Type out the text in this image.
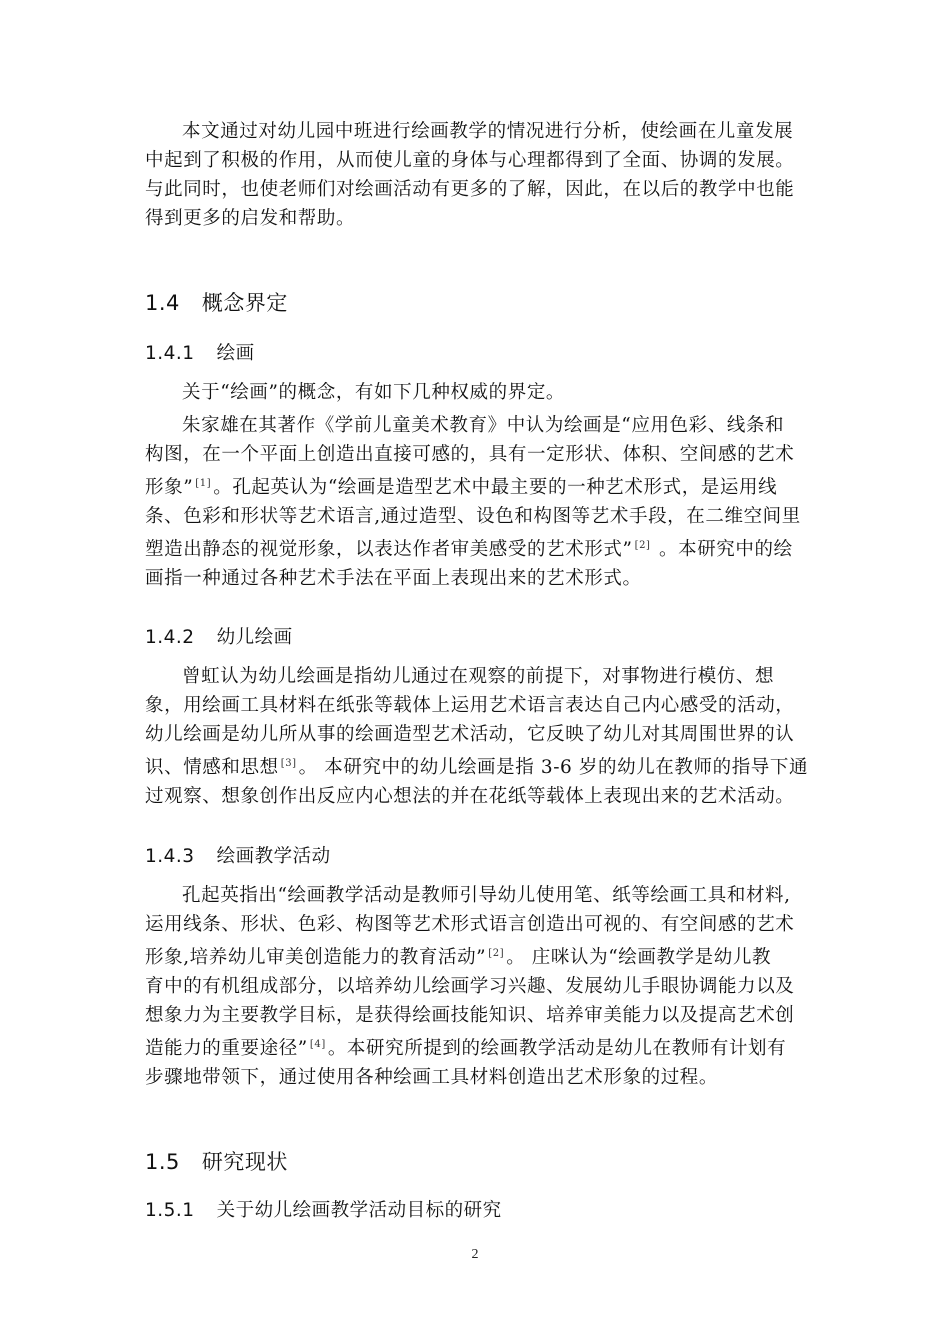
本文通过对幼儿园中班进行绘画教学的情况进行分析，使绘画在儿童发展
中起到了积极的作用，从而使儿童的身体与心理都得到了全面、协调的发展。
与此同时，也使老师们对绘画活动有更多的了解，因此，在以后的教学中也能
得到更多的启发和帮助。

1.4 概念界定
1.4.1 绘画

关于“绘画”的概念，有如下几种权威的界定。

朱家雄在其著作《学前儿童美术教育》中认为绘画是“应用色彩、线条和
构图，在一个平面上创造出直接可感的，具有一定形状、体积、空间感的艺术
形象” [1] 。孔起英认为“绘画是造型艺术中最主要的一种艺术形式，是运用线
条、色彩和形状等艺术语言,通过造型、设色和构图等艺术手段，在二维空间里
塑造出静态的视觉形象，以表达作者审美感受的艺术形式” [2] 。本研究中的绘
画指一种通过各种艺术手法在平面上表现出来的艺术形式。

1.4.2 幼儿绘画

曾虹认为幼儿绘画是指幼儿通过在观察的前提下，对事物进行模仿、想
象，用绘画工具材料在纸张等载体上运用艺术语言表达自己内心感受的活动，
幼儿绘画是幼儿所从事的绘画造型艺术活动，它反映了幼儿对其周围世界的认
识、情感和思想 [3] 。 本研究中的幼儿绘画是指 3-6 岁的幼儿在教师的指导下通
过观察、想象创作出反应内心想法的并在花纸等载体上表现出来的艺术活动。

1.4.3 绘画教学活动

孔起英指出“绘画教学活动是教师引导幼儿使用笔、纸等绘画工具和材料,
运用线条、形状、色彩、构图等艺术形式语言创造出可视的、有空间感的艺术
形象,培养幼儿审美创造能力的教育活动” [2] 。 庄咪认为“绘画教学是幼儿教
育中的有机组成部分，以培养幼儿绘画学习兴趣、发展幼儿手眼协调能力以及
想象力为主要教学目标，是获得绘画技能知识、培养审美能力以及提高艺术创
造能力的重要途径” [4] 。本研究所提到的绘画教学活动是幼儿在教师有计划有
步骤地带领下，通过使用各种绘画工具材料创造出艺术形象的过程。

1.5 研究现状
1.5.1 关于幼儿绘画教学活动目标的研究
2
